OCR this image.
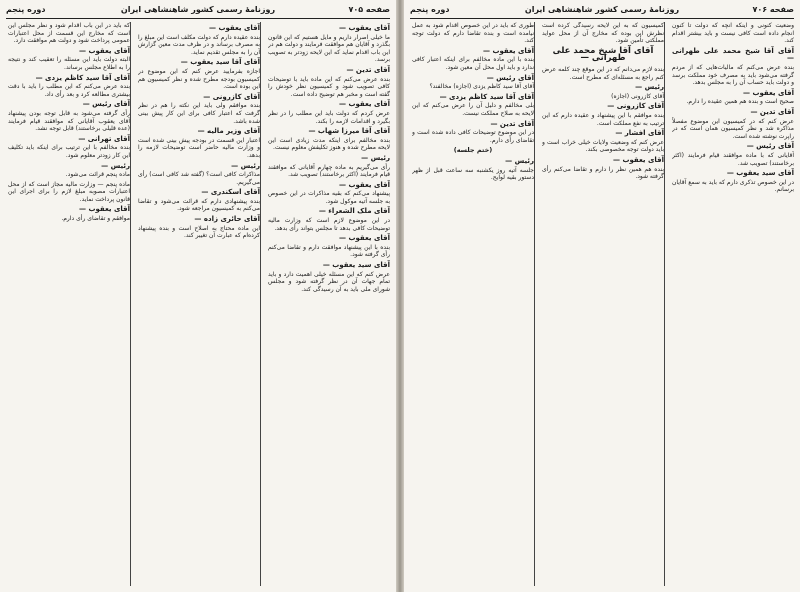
صفحه ۷۰۵
روزنامهٔ رسمی کشور شاهنشاهی ایران
دوره پنجم
آقای یعقوب —

ما خیلی اصرار داریم و مایل هستیم که این قانون بگذرد و آقایان هم موافقت فرمایند و دولت هم در این باب اقدام نماید که این لایحه زودتر به تصویب برسد.

آقای تدین —

بنده عرض می‌کنم که این ماده باید با توضیحات کافی تصویب شود و کمیسیون نظر خودش را گفته است و مخبر هم توضیح داده است.

آقای یعقوب —

عرض کردم که دولت باید این مطلب را در نظر بگیرد و اقدامات لازمه را بکند.

آقای آقا میرزا شهاب —

بنده مخالفم برای اینکه مدت زیادی است این لایحه مطرح شده و هنوز تکلیفش معلوم نیست.

رئیس —

رأی می‌گیریم به ماده چهارم آقایانی که موافقند قیام فرمایند (اکثر برخاستند) تصویب شد.

آقای یعقوب —

پیشنهاد می‌کنم که بقیه مذاکرات در این خصوص به جلسه آتیه موکول شود.

آقای ملک الشعراء —

در این موضوع لازم است که وزارت مالیه توضیحات کافی بدهد تا مجلس بتواند رأی بدهد.

آقای یعقوب —

بنده با این پیشنهاد موافقت دارم و تقاضا می‌کنم رأی گرفته شود.

آقای سید یعقوب —

عرض کنم که این مسئله خیلی اهمیت دارد و باید تمام جهات آن در نظر گرفته شود و مجلس شورای ملی باید به آن رسیدگی کند.

آقای یعقوب —

بنده عقیده دارم که دولت مکلف است این مبلغ را به مصرف برساند و در ظرف مدت معین گزارش آن را به مجلس تقدیم نماید.

آقای آقا سید یعقوب —

اجازه بفرمایید عرض کنم که این موضوع در کمیسیون بودجه مطرح شده و نظر کمیسیون هم این بوده است.

آقای کازرونی —

بنده موافقم ولی باید این نکته را هم در نظر گرفت که اعتبار کافی برای این کار پیش بینی شده باشد.

آقای وزیر مالیه —

اعتبار این قسمت در بودجه پیش بینی شده است و وزارت مالیه حاضر است توضیحات لازمه را بدهد.

رئیس —

مذاکرات کافی است؟ (گفته شد کافی است) رأی می‌گیریم.

آقای اسکندری —

بنده پیشنهادی دارم که قرائت می‌شود و تقاضا می‌کنم به کمیسیون مراجعه شود.

آقای حائری زاده —

این ماده محتاج به اصلاح است و بنده پیشنهاد کرده‌ام که عبارت آن تغییر کند.

که باید در این باب اقدام شود و نظر مجلس این است که مخارج این قسمت از محل اعتبارات عمومی پرداخت شود و دولت هم موافقت دارد.

آقای یعقوب —

البته دولت باید این مسئله را تعقیب کند و نتیجه را به اطلاع مجلس برساند.

آقای آقا سید کاظم یزدی —

بنده عرض می‌کنم که این مطلب را باید با دقت بیشتری مطالعه کرد و بعد رأی داد.

آقای رئیس —

رأی گرفته می‌شود به قابل توجه بودن پیشنهاد آقای یعقوب آقایانی که موافقند قیام فرمایند (عده قلیلی برخاستند) قابل توجه نشد.

آقای تهرانی —

بنده مخالفم با این ترتیب برای اینکه باید تکلیف این کار زودتر معلوم شود.

رئیس —

ماده پنجم قرائت می‌شود.

ماده پنجم — وزارت مالیه مجاز است که از محل اعتبارات مصوبه مبلغ لازم را برای اجرای این قانون پرداخت نماید.

آقای یعقوب —

موافقم و تقاضای رأی دارم.

صفحه ۷۰۶
روزنامهٔ رسمی کشور شاهنشاهی ایران
دوره پنجم

وضعیت کنونی و اینکه آنچه که دولت تا کنون انجام داده است کافی نیست و باید بیشتر اقدام کند.

آقای آقا شیخ محمد علی طهرانی —

بنده عرض می‌کنم که مالیات‌هایی که از مردم گرفته می‌شود باید به مصرف خود مملکت برسد و دولت باید حساب آن را به مجلس بدهد.

آقای یعقوب —

صحیح است و بنده هم همین عقیده را دارم.

آقای تدین —

عرض کنم که در کمیسیون این موضوع مفصلاً مذاکره شد و نظر کمیسیون همان است که در راپرت نوشته شده است.

آقای رئیس —

آقایانی که با ماده موافقند قیام فرمایند (اکثر برخاستند) تصویب شد.

آقای سید یعقوب —

در این خصوص تذکری دارم که باید به سمع آقایان برسانم.

کمیسیون که به این لایحه رسیدگی کرده است نظرش این بوده که مخارج آن از محل عواید مملکتی تأمین شود.

آقای آقا شیخ محمد علی طهرانی —

بنده لازم می‌دانم که در این موقع چند کلمه عرض کنم راجع به مسئله‌ای که مطرح است.

رئیس —

آقای کازرونی (اجازه)

آقای کازرونی —

بنده موافقم با این پیشنهاد و عقیده دارم که این ترتیب به نفع مملکت است.

آقای افشار —

عرض کنم که وضعیت ولایات خیلی خراب است و باید دولت توجه مخصوصی بکند.

آقای یعقوب —

بنده هم همین نظر را دارم و تقاضا می‌کنم رأی گرفته شود.

طوری که باید در این خصوص اقدام شود به عمل نیامده است و بنده تقاضا دارم که دولت توجه کند.

آقای یعقوب —

بنده با این ماده مخالفم برای اینکه اعتبار کافی ندارد و باید اول محل آن معین شود.

آقای رئیس —

آقای آقا سید کاظم یزدی (اجازه) مخالفند؟

آقای آقا سید کاظم یزدی —

بلی مخالفم و دلیل آن را عرض می‌کنم که این لایحه به صلاح مملکت نیست.

آقای تدین —

در این موضوع توضیحات کافی داده شده است و تقاضای رأی دارم.

(ختم جلسه)
رئیس —

جلسه آتیه روز یکشنبه سه ساعت قبل از ظهر دستور بقیه لوایح.
